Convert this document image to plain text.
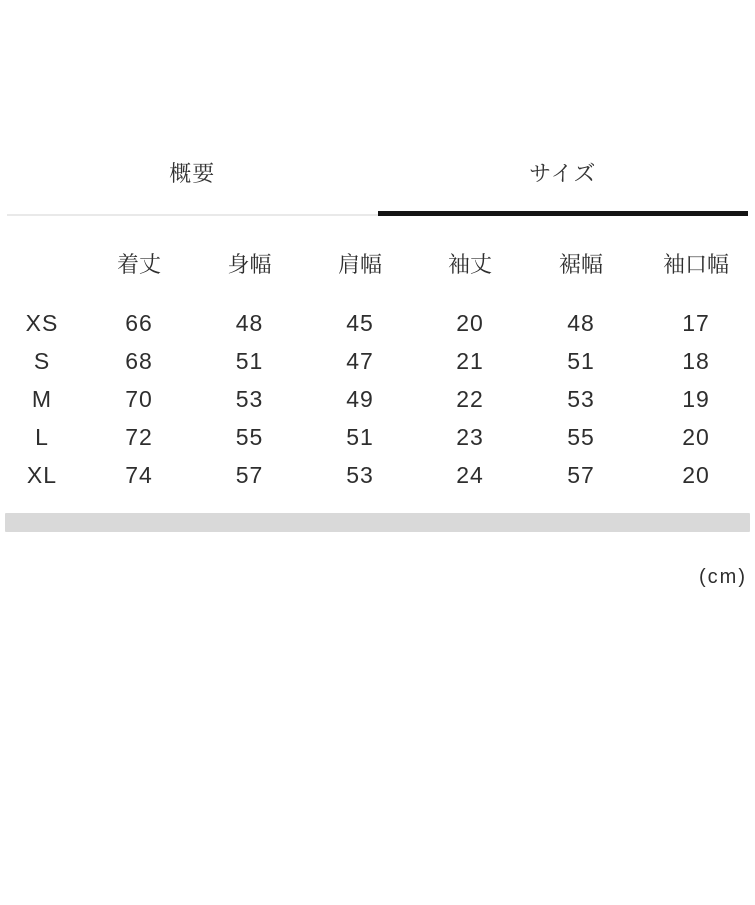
概要	サイズ
	着丈	身幅	肩幅	袖丈	裾幅	袖口幅
XS	66	48	45	20	48	17
S	68	51	47	21	51	18
M	70	53	49	22	53	19
L	72	55	51	23	55	20
XL	74	57	53	24	57	20
(cm)
